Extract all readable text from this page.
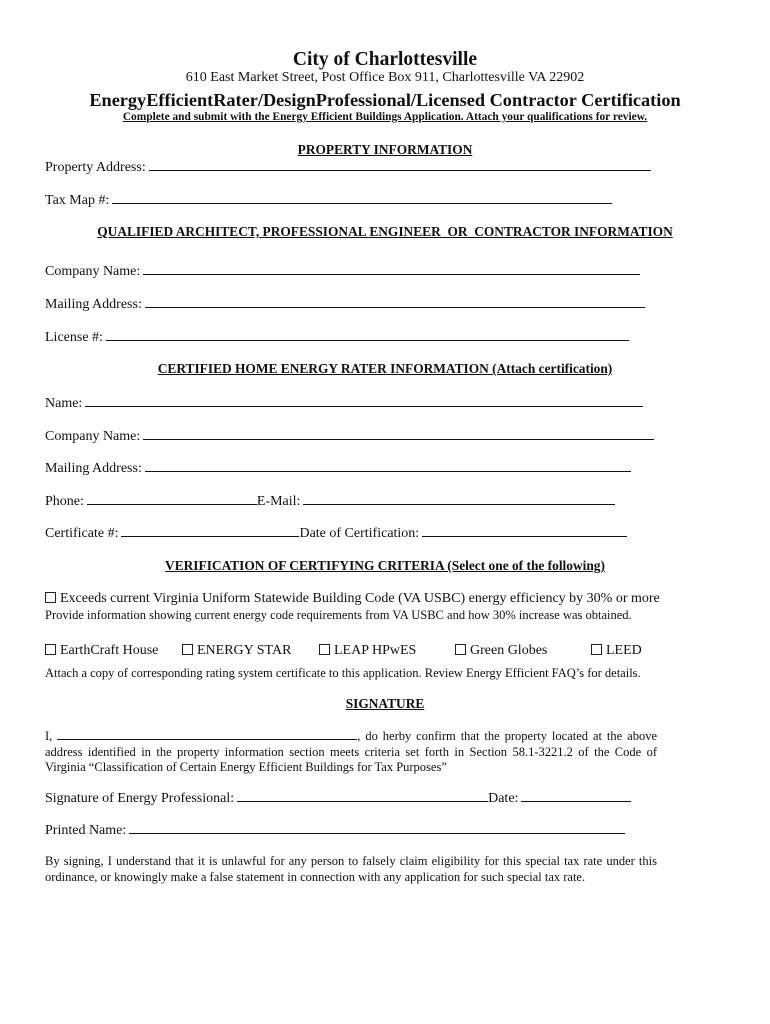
City of Charlottesville
610 East Market Street, Post Office Box 911, Charlottesville VA 22902
EnergyEfficientRater/DesignProfessional/Licensed Contractor Certification
Complete and submit with the Energy Efficient Buildings Application. Attach your qualifications for review.
PROPERTY INFORMATION
Property Address:
Tax Map #:
QUALIFIED ARCHITECT, PROFESSIONAL ENGINEER  OR  CONTRACTOR INFORMATION
Company Name:
Mailing Address:
License #:
CERTIFIED HOME ENERGY RATER INFORMATION (Attach certification)
Name:
Company Name:
Mailing Address:
Phone:	E-Mail:
Certificate #:	Date of Certification:
VERIFICATION OF CERTIFYING CRITERIA (Select one of the following)
Exceeds current Virginia Uniform Statewide Building Code (VA USBC) energy efficiency by 30% or more
Provide information showing current energy code requirements from VA USBC and how 30% increase was obtained.
EarthCraft House	ENERGY STAR	LEAP HPwES	Green Globes	LEED
Attach a copy of corresponding rating system certificate to this application. Review Energy Efficient FAQ’s for details.
SIGNATURE
I,	, do herby confirm that the property located at the above address identified in the property information section meets criteria set forth in Section 58.1-3221.2 of the Code of Virginia “Classification of Certain Energy Efficient Buildings for Tax Purposes”
Signature of Energy Professional:	Date:
Printed Name:
By signing, I understand that it is unlawful for any person to falsely claim eligibility for this special tax rate under this ordinance, or knowingly make a false statement in connection with any application for such special tax rate.
